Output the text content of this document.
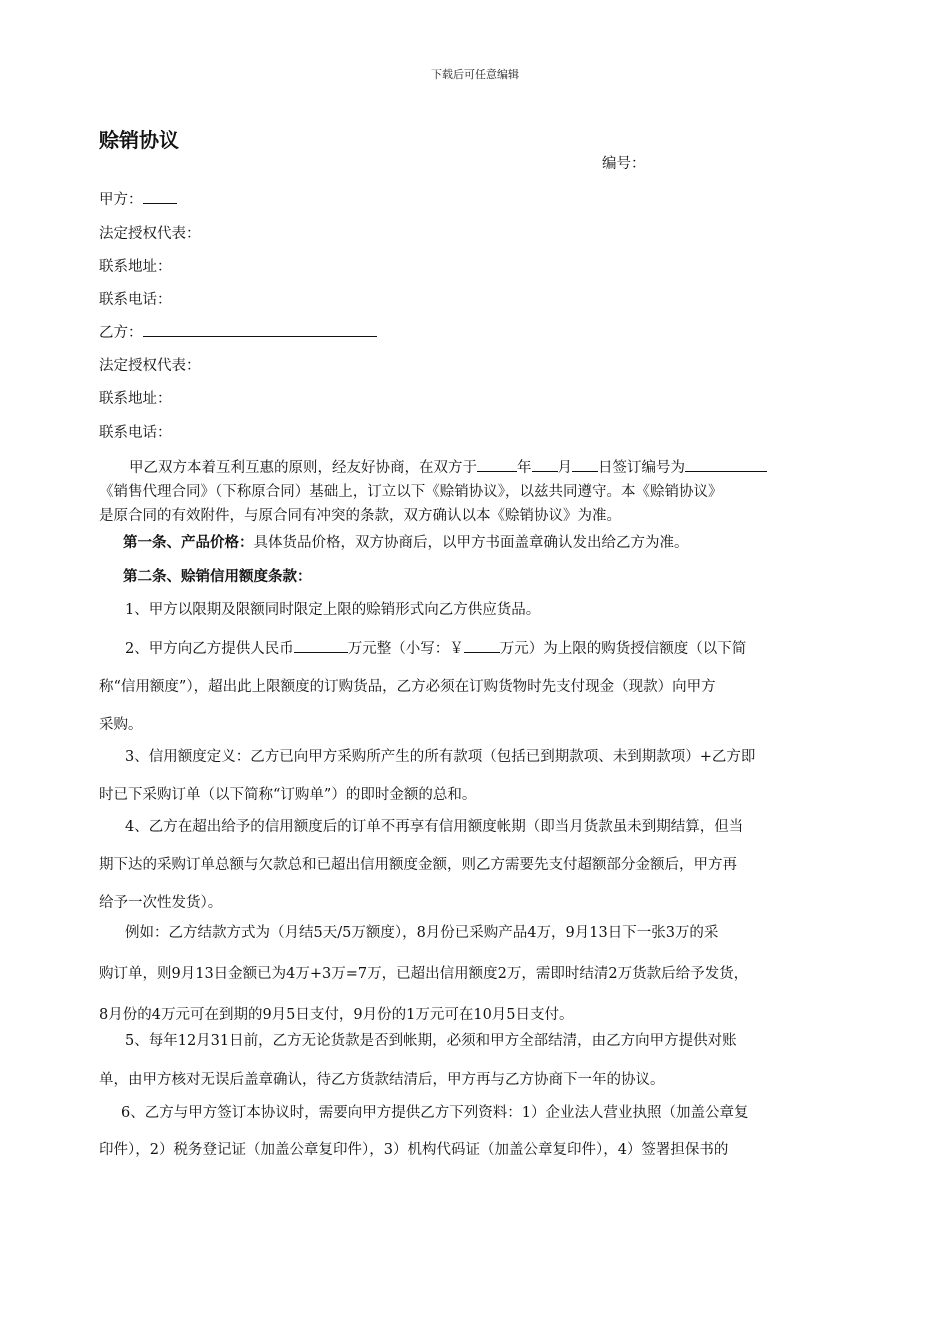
下载后可任意编辑
赊销协议
编号：
甲方：
法定授权代表：
联系地址：
联系电话：
乙方：
法定授权代表：
联系地址：
联系电话：
甲乙双方本着互利互惠的原则，经友好协商，在双方于	年 月 日签订编号为
《销售代理合同》（下称原合同）基础上，订立以下《赊销协议》，以兹共同遵守。本《赊销协议》
是原合同的有效附件，与原合同有冲突的条款，双方确认以本《赊销协议》为准。
第一条、产品价格：具体货品价格，双方协商后，以甲方书面盖章确认发出给乙方为准。
第二条、赊销信用额度条款：
1、甲方以限期及限额同时限定上限的赊销形式向乙方供应货品。
2、甲方向乙方提供人民币	万元整（小写：￥ 万元）为上限的购货授信额度（以下简
称“信用额度”），超出此上限额度的订购货品，乙方必须在订购货物时先支付现金（现款）向甲方
采购。
3、信用额度定义：乙方已向甲方采购所产生的所有款项（包括已到期款项、未到期款项）+乙方即
时已下采购订单（以下简称“订购单”）的即时金额的总和。
4、乙方在超出给予的信用额度后的订单不再享有信用额度帐期（即当月货款虽未到期结算，但当
期下达的采购订单总额与欠款总和已超出信用额度金额，则乙方需要先支付超额部分金额后，甲方再
给予一次性发货）。
例如：乙方结款方式为（月结5天/5万额度），8月份已采购产品4万，9月13日下一张3万的采
购订单，则9月13日金额已为4万+3万=7万，已超出信用额度2万，需即时结清2万货款后给予发货，
8月份的4万元可在到期的9月5日支付，9月份的1万元可在10月5日支付。
5、每年12月31日前，乙方无论货款是否到帐期，必须和甲方全部结清，由乙方向甲方提供对账
单，由甲方核对无误后盖章确认，待乙方货款结清后，甲方再与乙方协商下一年的协议。
6、乙方与甲方签订本协议时，需要向甲方提供乙方下列资料：1）企业法人营业执照（加盖公章复
印件），2）税务登记证（加盖公章复印件），3）机构代码证（加盖公章复印件），4）签署担保书的
